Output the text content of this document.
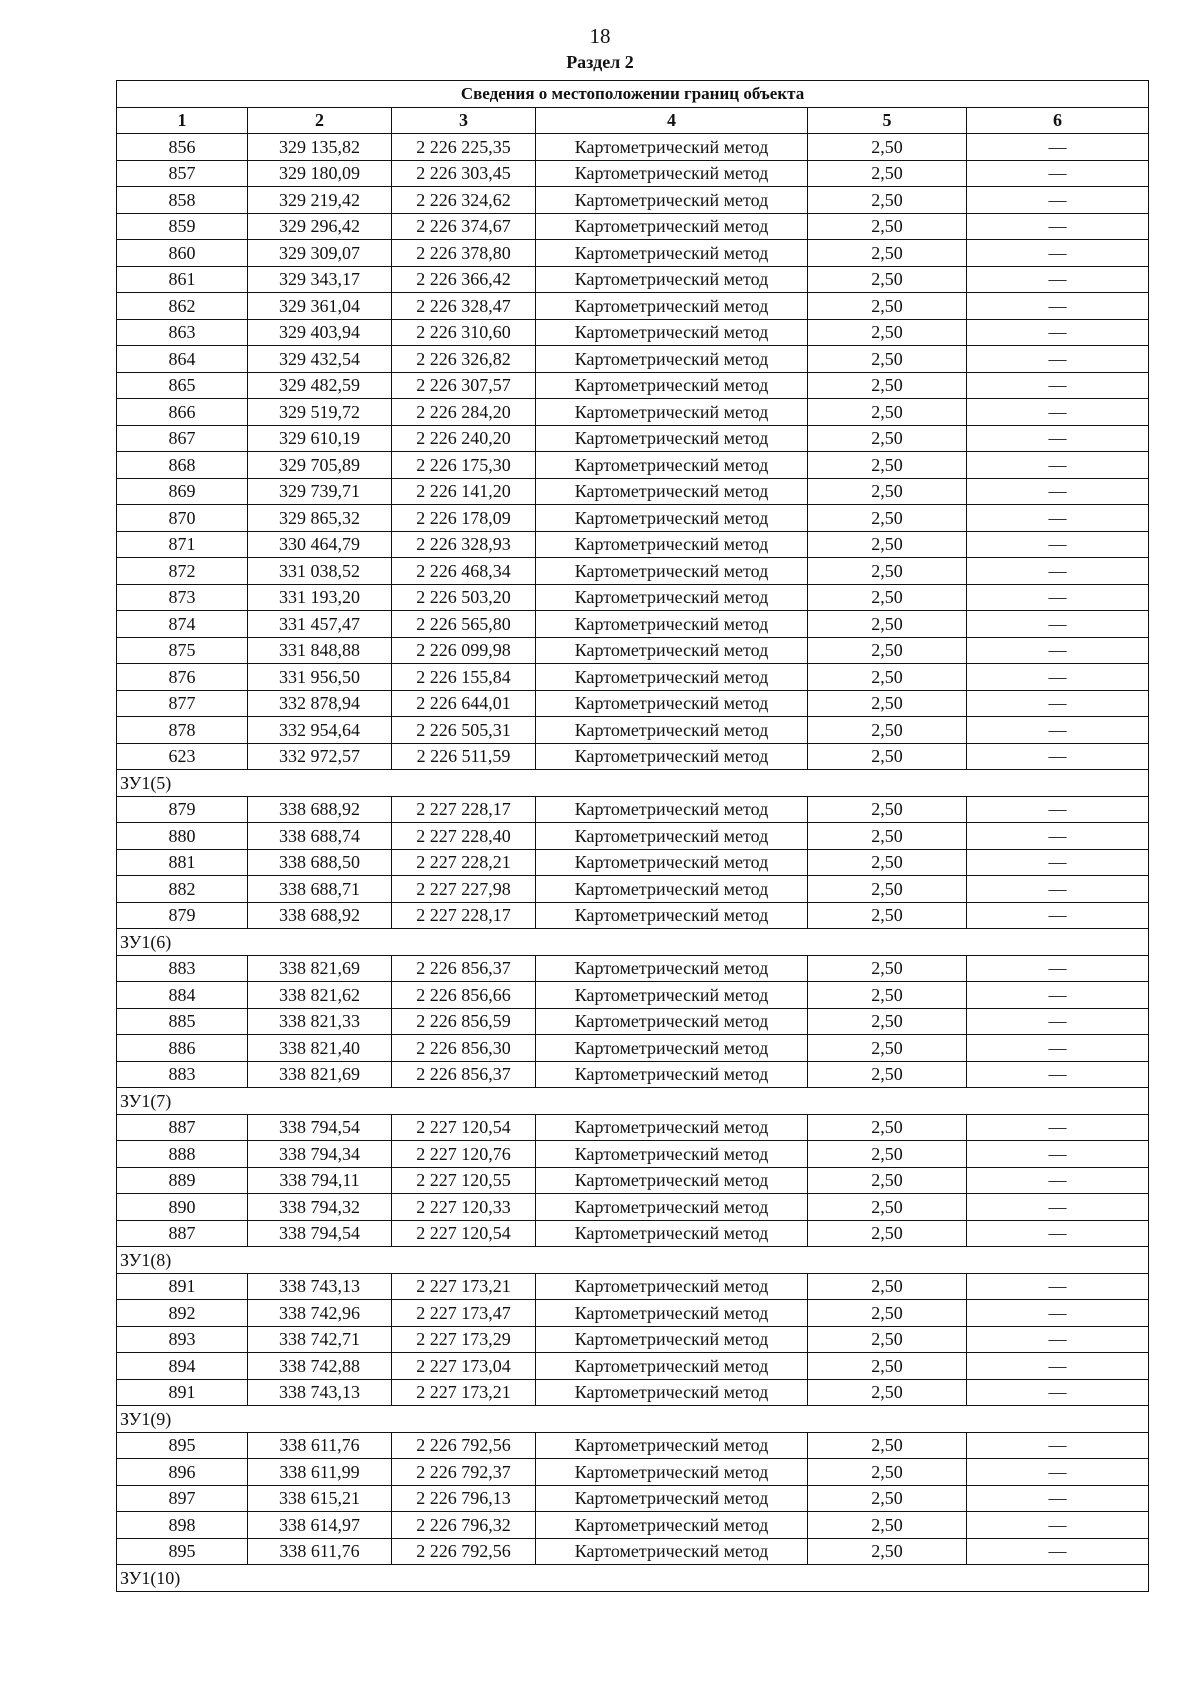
18
Раздел 2
Сведения о местоположении границ объекта					
1	2	3	4	5	6
856	329 135,82	2 226 225,35	Картометрический метод	2,50	—
857	329 180,09	2 226 303,45	Картометрический метод	2,50	—
858	329 219,42	2 226 324,62	Картометрический метод	2,50	—
859	329 296,42	2 226 374,67	Картометрический метод	2,50	—
860	329 309,07	2 226 378,80	Картометрический метод	2,50	—
861	329 343,17	2 226 366,42	Картометрический метод	2,50	—
862	329 361,04	2 226 328,47	Картометрический метод	2,50	—
863	329 403,94	2 226 310,60	Картометрический метод	2,50	—
864	329 432,54	2 226 326,82	Картометрический метод	2,50	—
865	329 482,59	2 226 307,57	Картометрический метод	2,50	—
866	329 519,72	2 226 284,20	Картометрический метод	2,50	—
867	329 610,19	2 226 240,20	Картометрический метод	2,50	—
868	329 705,89	2 226 175,30	Картометрический метод	2,50	—
869	329 739,71	2 226 141,20	Картометрический метод	2,50	—
870	329 865,32	2 226 178,09	Картометрический метод	2,50	—
871	330 464,79	2 226 328,93	Картометрический метод	2,50	—
872	331 038,52	2 226 468,34	Картометрический метод	2,50	—
873	331 193,20	2 226 503,20	Картометрический метод	2,50	—
874	331 457,47	2 226 565,80	Картометрический метод	2,50	—
875	331 848,88	2 226 099,98	Картометрический метод	2,50	—
876	331 956,50	2 226 155,84	Картометрический метод	2,50	—
877	332 878,94	2 226 644,01	Картометрический метод	2,50	—
878	332 954,64	2 226 505,31	Картометрический метод	2,50	—
623	332 972,57	2 226 511,59	Картометрический метод	2,50	—
ЗУ1(5)					
879	338 688,92	2 227 228,17	Картометрический метод	2,50	—
880	338 688,74	2 227 228,40	Картометрический метод	2,50	—
881	338 688,50	2 227 228,21	Картометрический метод	2,50	—
882	338 688,71	2 227 227,98	Картометрический метод	2,50	—
879	338 688,92	2 227 228,17	Картометрический метод	2,50	—
ЗУ1(6)					
883	338 821,69	2 226 856,37	Картометрический метод	2,50	—
884	338 821,62	2 226 856,66	Картометрический метод	2,50	—
885	338 821,33	2 226 856,59	Картометрический метод	2,50	—
886	338 821,40	2 226 856,30	Картометрический метод	2,50	—
883	338 821,69	2 226 856,37	Картометрический метод	2,50	—
ЗУ1(7)					
887	338 794,54	2 227 120,54	Картометрический метод	2,50	—
888	338 794,34	2 227 120,76	Картометрический метод	2,50	—
889	338 794,11	2 227 120,55	Картометрический метод	2,50	—
890	338 794,32	2 227 120,33	Картометрический метод	2,50	—
887	338 794,54	2 227 120,54	Картометрический метод	2,50	—
ЗУ1(8)					
891	338 743,13	2 227 173,21	Картометрический метод	2,50	—
892	338 742,96	2 227 173,47	Картометрический метод	2,50	—
893	338 742,71	2 227 173,29	Картометрический метод	2,50	—
894	338 742,88	2 227 173,04	Картометрический метод	2,50	—
891	338 743,13	2 227 173,21	Картометрический метод	2,50	—
ЗУ1(9)					
895	338 611,76	2 226 792,56	Картометрический метод	2,50	—
896	338 611,99	2 226 792,37	Картометрический метод	2,50	—
897	338 615,21	2 226 796,13	Картометрический метод	2,50	—
898	338 614,97	2 226 796,32	Картометрический метод	2,50	—
895	338 611,76	2 226 792,56	Картометрический метод	2,50	—
ЗУ1(10)					
